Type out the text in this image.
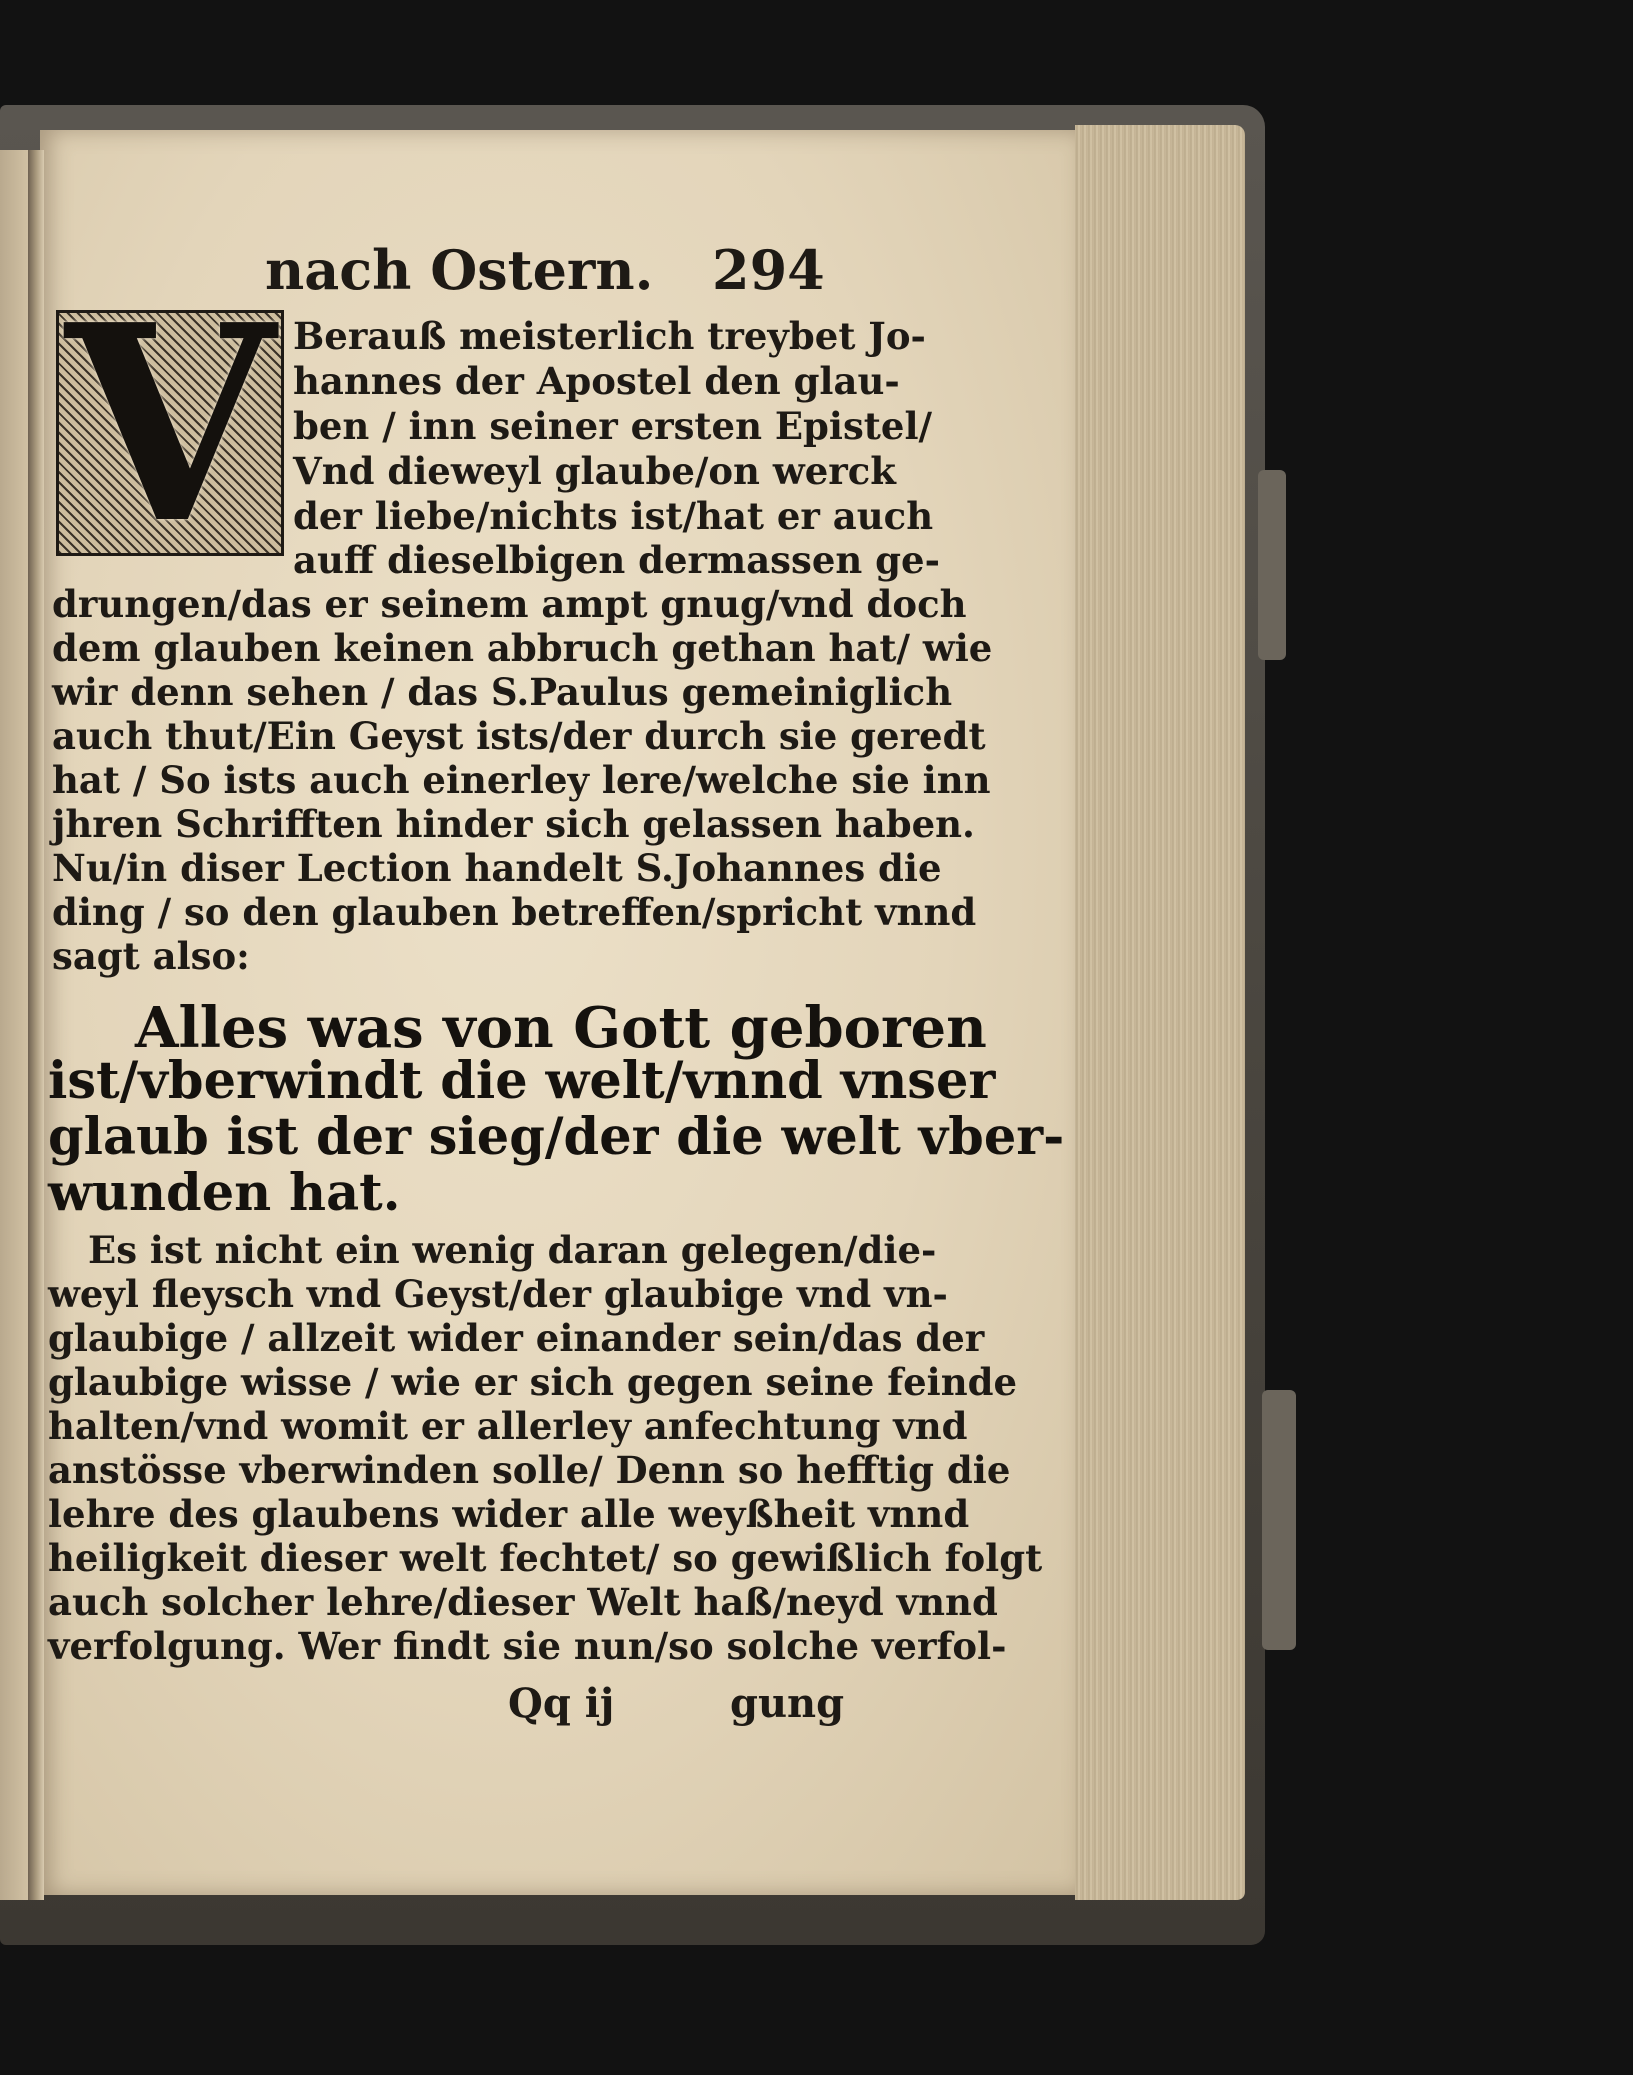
nach Ostern. 294
V Berauß meisterlich treybet Jo-
hannes der Apostel den glau-
ben / inn seiner ersten Epistel/
Vnd dieweyl glaube/on werck
der liebe/nichts ist/hat er auch
auff dieselbigen dermassen ge-
drungen/das er seinem ampt gnug/vnd doch
dem glauben keinen abbruch gethan hat/ wie
wir denn sehen / das S.Paulus gemeiniglich
auch thut/Ein Geyst ists/der durch sie geredt
hat / So ists auch einerley lere/welche sie inn
jhren Schrifften hinder sich gelassen haben.
Nu/in diser Lection handelt S.Johannes die
ding / so den glauben betreffen/spricht vnnd
sagt also:
Alles was von Gott geboren
ist/vberwindt die welt/vnnd vnser
glaub ist der sieg/der die welt vber-
wunden hat.
Es ist nicht ein wenig daran gelegen/die-
weyl fleysch vnd Geyst/der glaubige vnd vn-
glaubige / allzeit wider einander sein/das der
glaubige wisse / wie er sich gegen seine feinde
halten/vnd womit er allerley anfechtung vnd
anstösse vberwinden solle/ Denn so hefftig die
lehre des glaubens wider alle weyßheit vnnd
heiligkeit dieser welt fechtet/ so gewißlich folgt
auch solcher lehre/dieser Welt haß/neyd vnnd
verfolgung. Wer findt sie nun/so solche verfol-
Qq ij	gung
